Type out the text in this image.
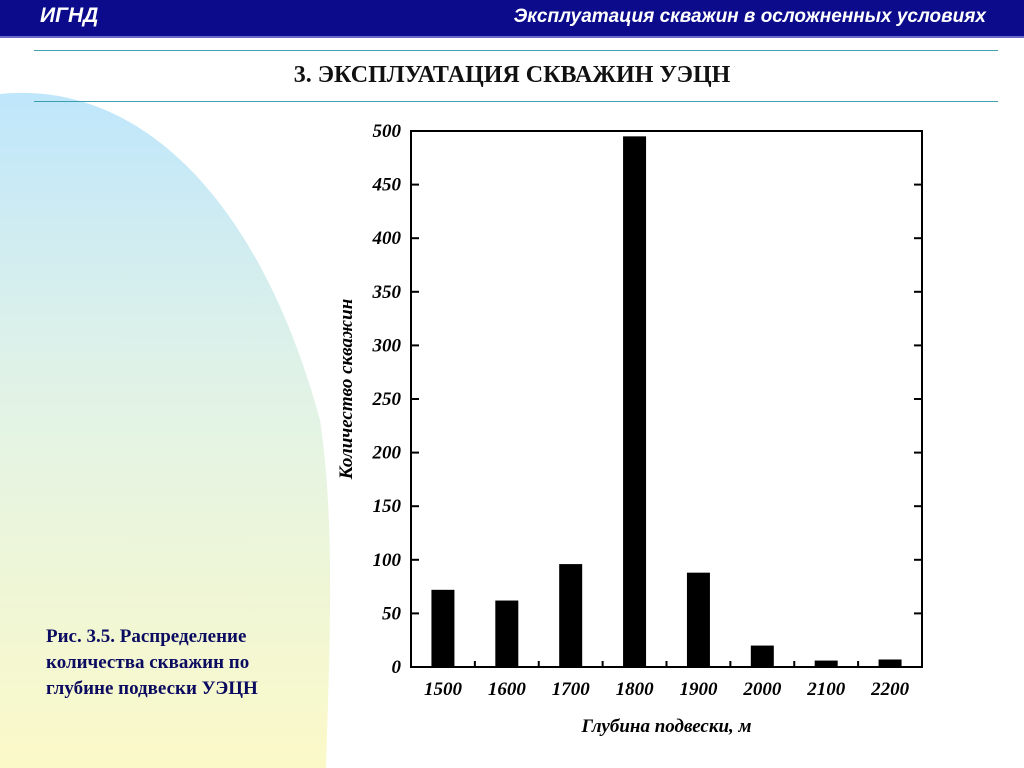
ИГНД	Эксплуатация скважин в осложненных условиях
3. ЭКСПЛУАТАЦИЯ СКВАЖИН УЭЦН
0
50
100
150
200
250
300
350
400
450
500
1500 1600 1700 1800 1900 2000 2100 2200
Глубина подвески, м
Количество скважин
Рис. 3.5. Распределение
количества скважин по
глубине подвески УЭЦН
